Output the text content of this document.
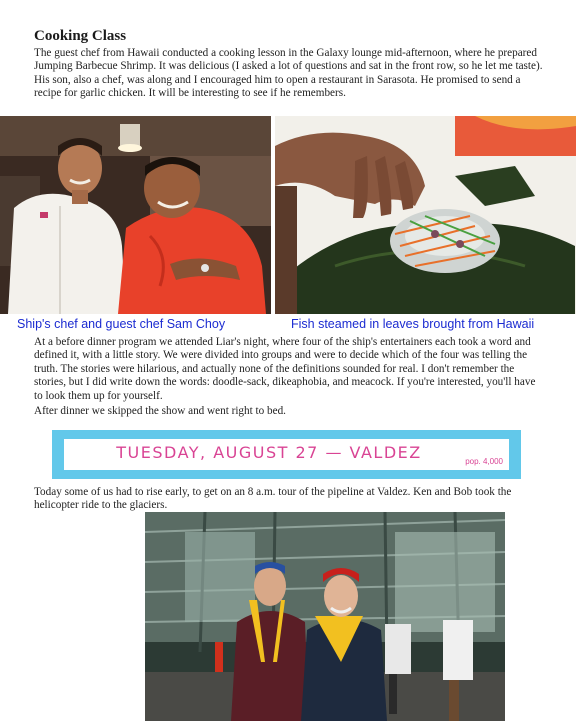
Cooking Class

The guest chef from Hawaii conducted a cooking lesson in the Galaxy lounge mid-afternoon, where he prepared Jumping Barbecue Shrimp. It was delicious (I asked a lot of questions and sat in the front row, so he let me taste). His son, also a chef, was along and I encouraged him to open a restaurant in Sarasota. He promised to send a recipe for garlic chicken. It will be interesting to see if he remembers.

Ship's chef and guest chef Sam Choy	Fish steamed in leaves brought from Hawaii

At a before dinner program we attended Liar's night, where four of the ship's entertainers each took a word and defined it, with a little story. We were divided into groups and were to decide which of the four was telling the truth. The stories were hilarious, and actually none of the definitions sounded for real. I don't remember the stories, but I did write down the words: doodle-sack, dikeaphobia, and meacock. If you're interested, you'll have to look them up for yourself.

After dinner we skipped the show and went right to bed.

TUESDAY, AUGUST 27 — VALDEZ	pop. 4,000

Today some of us had to rise early, to get on an 8 a.m. tour of the pipeline at Valdez. Ken and Bob took the helicopter ride to the glaciers.
